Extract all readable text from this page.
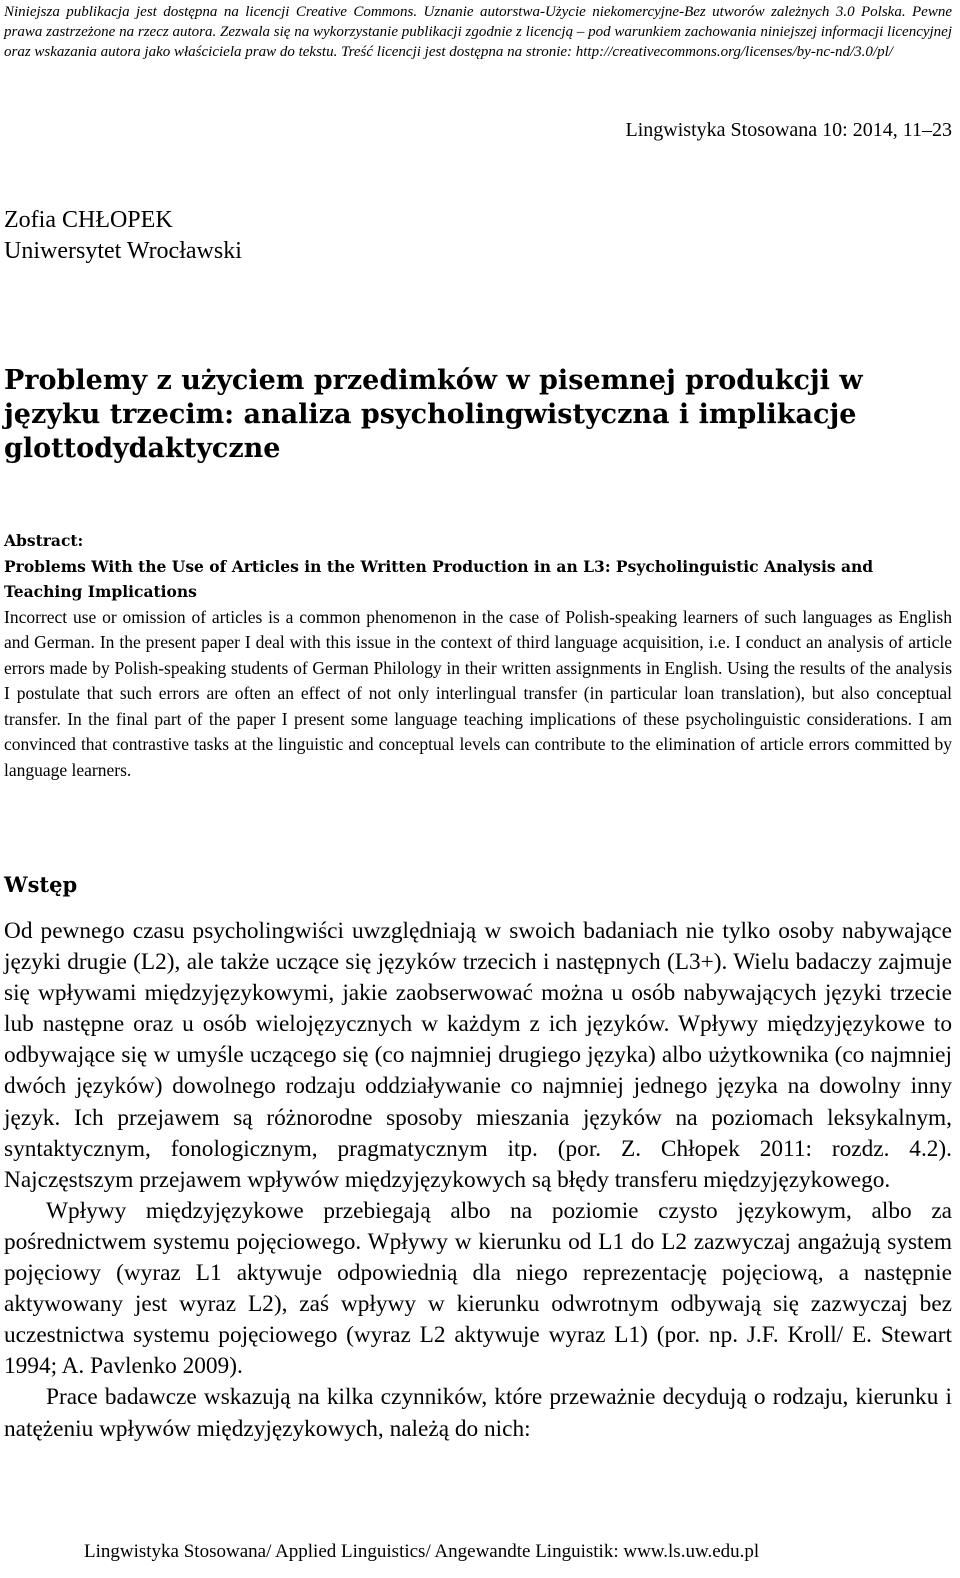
Niniejsza publikacja jest dostępna na licencji Creative Commons. Uznanie autorstwa-Użycie niekomercyjne-Bez utworów zależnych 3.0 Polska. Pewne prawa zastrzeżone na rzecz autora. Zezwala się na wykorzystanie publikacji zgodnie z licencją – pod warunkiem zachowania niniejszej informacji licencyjnej oraz wskazania autora jako właściciela praw do tekstu. Treść licencji jest dostępna na stronie: http://creativecommons.org/licenses/by-nc-nd/3.0/pl/
Lingwistyka Stosowana 10: 2014, 11–23
Zofia CHŁOPEK
Uniwersytet Wrocławski
Problemy z użyciem przedimków w pisemnej produkcji w języku trzecim: analiza psycholingwistyczna i implikacje glottodydaktyczne
Abstract:
Problems With the Use of Articles in the Written Production in an L3: Psycholinguistic Analysis and Teaching Implications

Incorrect use or omission of articles is a common phenomenon in the case of Polish-speaking learners of such languages as English and German. In the present paper I deal with this issue in the context of third language acquisition, i.e. I conduct an analysis of article errors made by Polish-speaking students of German Philology in their written assignments in English. Using the results of the analysis I postulate that such errors are often an effect of not only interlingual transfer (in particular loan translation), but also conceptual transfer. In the final part of the paper I present some language teaching implications of these psycholinguistic considerations. I am convinced that contrastive tasks at the linguistic and conceptual levels can contribute to the elimination of article errors committed by language learners.

Wstęp

Od pewnego czasu psycholingwiści uwzględniają w swoich badaniach nie tylko osoby nabywające języki drugie (L2), ale także uczące się języków trzecich i następnych (L3+). Wielu badaczy zajmuje się wpływami międzyjęzykowymi, jakie zaobserwować można u osób nabywających języki trzecie lub następne oraz u osób wielojęzycznych w każdym z ich języków. Wpływy międzyjęzykowe to odbywające się w umyśle uczącego się (co najmniej drugiego języka) albo użytkownika (co najmniej dwóch języków) dowolnego rodzaju oddziaływanie co najmniej jednego języka na dowolny inny język. Ich przejawem są różnorodne sposoby mieszania języków na poziomach leksykalnym, syntaktycznym, fonologicznym, pragmatycznym itp. (por. Z. Chłopek 2011: rozdz. 4.2). Najczęstszym przejawem wpływów międzyjęzykowych są błędy transferu międzyjęzykowego.

Wpływy międzyjęzykowe przebiegają albo na poziomie czysto językowym, albo za pośrednictwem systemu pojęciowego. Wpływy w kierunku od L1 do L2 zazwyczaj angażują system pojęciowy (wyraz L1 aktywuje odpowiednią dla niego reprezentację pojęciową, a następnie aktywowany jest wyraz L2), zaś wpływy w kierunku odwrotnym odbywają się zazwyczaj bez uczestnictwa systemu pojęciowego (wyraz L2 aktywuje wyraz L1) (por. np. J.F. Kroll/ E. Stewart 1994; A. Pavlenko 2009).

Prace badawcze wskazują na kilka czynników, które przeważnie decydują o rodzaju, kierunku i natężeniu wpływów międzyjęzykowych, należą do nich:

Lingwistyka Stosowana/ Applied Linguistics/ Angewandte Linguistik: www.ls.uw.edu.pl
